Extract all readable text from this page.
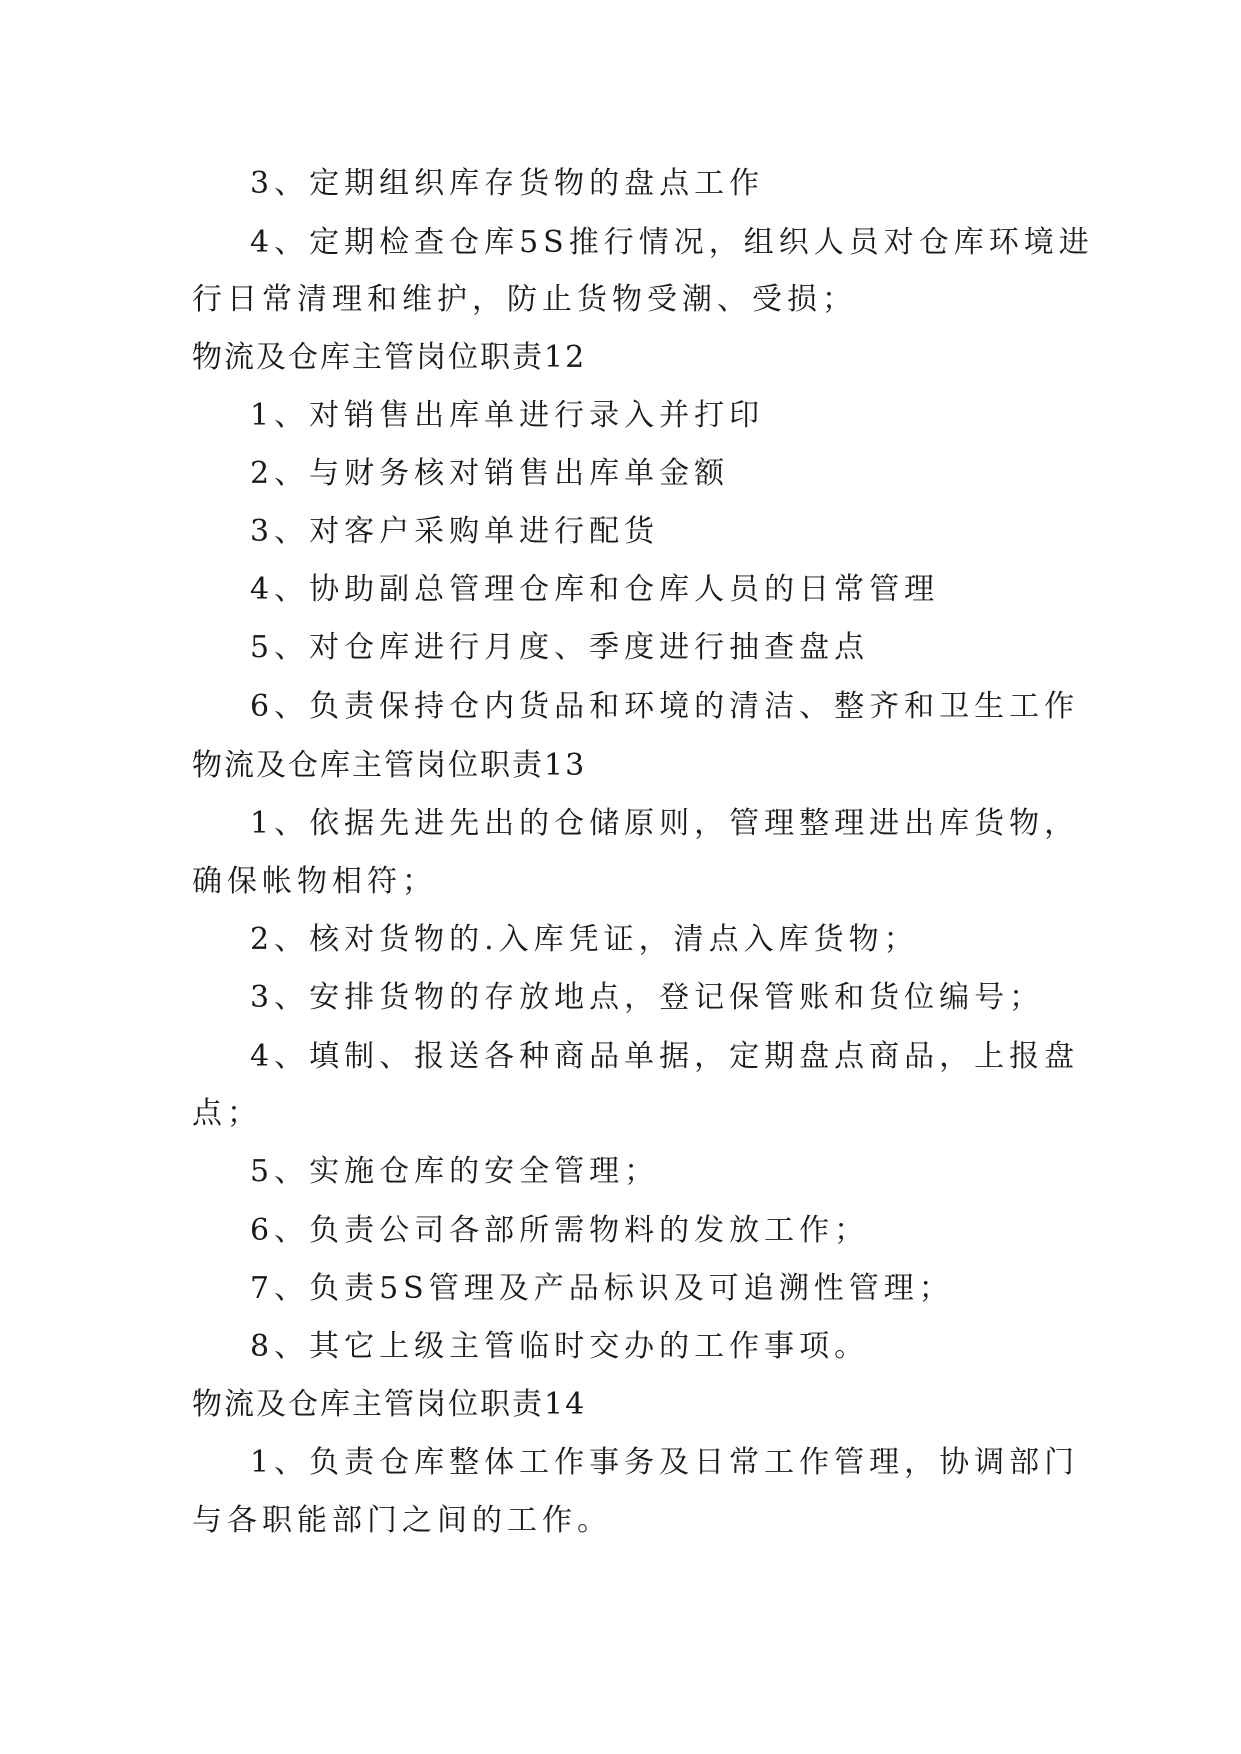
3、定期组织库存货物的盘点工作
4、定期检查仓库5S推行情况，组织人员对仓库环境进
行日常清理和维护，防止货物受潮、受损；
物流及仓库主管岗位职责12
1、对销售出库单进行录入并打印
2、与财务核对销售出库单金额
3、对客户采购单进行配货
4、协助副总管理仓库和仓库人员的日常管理
5、对仓库进行月度、季度进行抽查盘点
6、负责保持仓内货品和环境的清洁、整齐和卫生工作
物流及仓库主管岗位职责13
1、依据先进先出的仓储原则，管理整理进出库货物，
确保帐物相符；
2、核对货物的.入库凭证，清点入库货物；
3、安排货物的存放地点，登记保管账和货位编号；
4、填制、报送各种商品单据，定期盘点商品，上报盘
点；
5、实施仓库的安全管理；
6、负责公司各部所需物料的发放工作；
7、负责5S管理及产品标识及可追溯性管理；
8、其它上级主管临时交办的工作事项。
物流及仓库主管岗位职责14
1、负责仓库整体工作事务及日常工作管理，协调部门
与各职能部门之间的工作。
